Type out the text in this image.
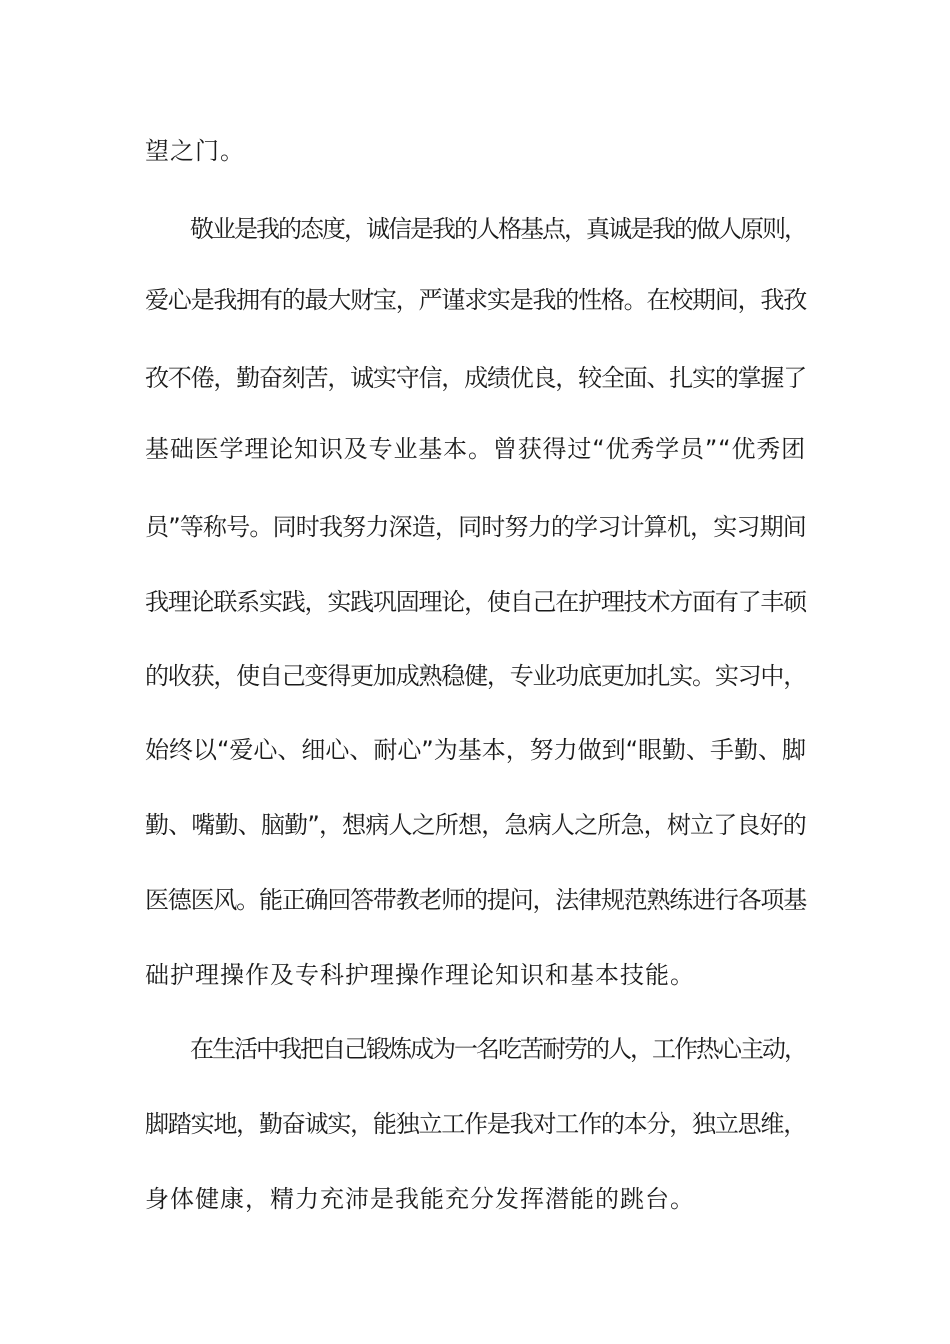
望之门。
敬业是我的态度，诚信是我的人格基点，真诚是我的做人原则，
爱心是我拥有的最大财宝，严谨求实是我的性格。在校期间，我孜
孜不倦，勤奋刻苦，诚实守信，成绩优良，较全面、扎实的掌握了
基础医学理论知识及专业基本。曾获得过“优秀学员”“优秀团
员”等称号。同时我努力深造，同时努力的学习计算机，实习期间
我理论联系实践，实践巩固理论，使自己在护理技术方面有了丰硕
的收获，使自己变得更加成熟稳健，专业功底更加扎实。实习中，
始终以“爱心、细心、耐心”为基本，努力做到“眼勤、手勤、脚
勤、嘴勤、脑勤”，想病人之所想，急病人之所急，树立了良好的
医德医风。能正确回答带教老师的提问，法律规范熟练进行各项基
础护理操作及专科护理操作理论知识和基本技能。
在生活中我把自己锻炼成为一名吃苦耐劳的人，工作热心主动，
脚踏实地，勤奋诚实，能独立工作是我对工作的本分，独立思维，
身体健康，精力充沛是我能充分发挥潜能的跳台。
